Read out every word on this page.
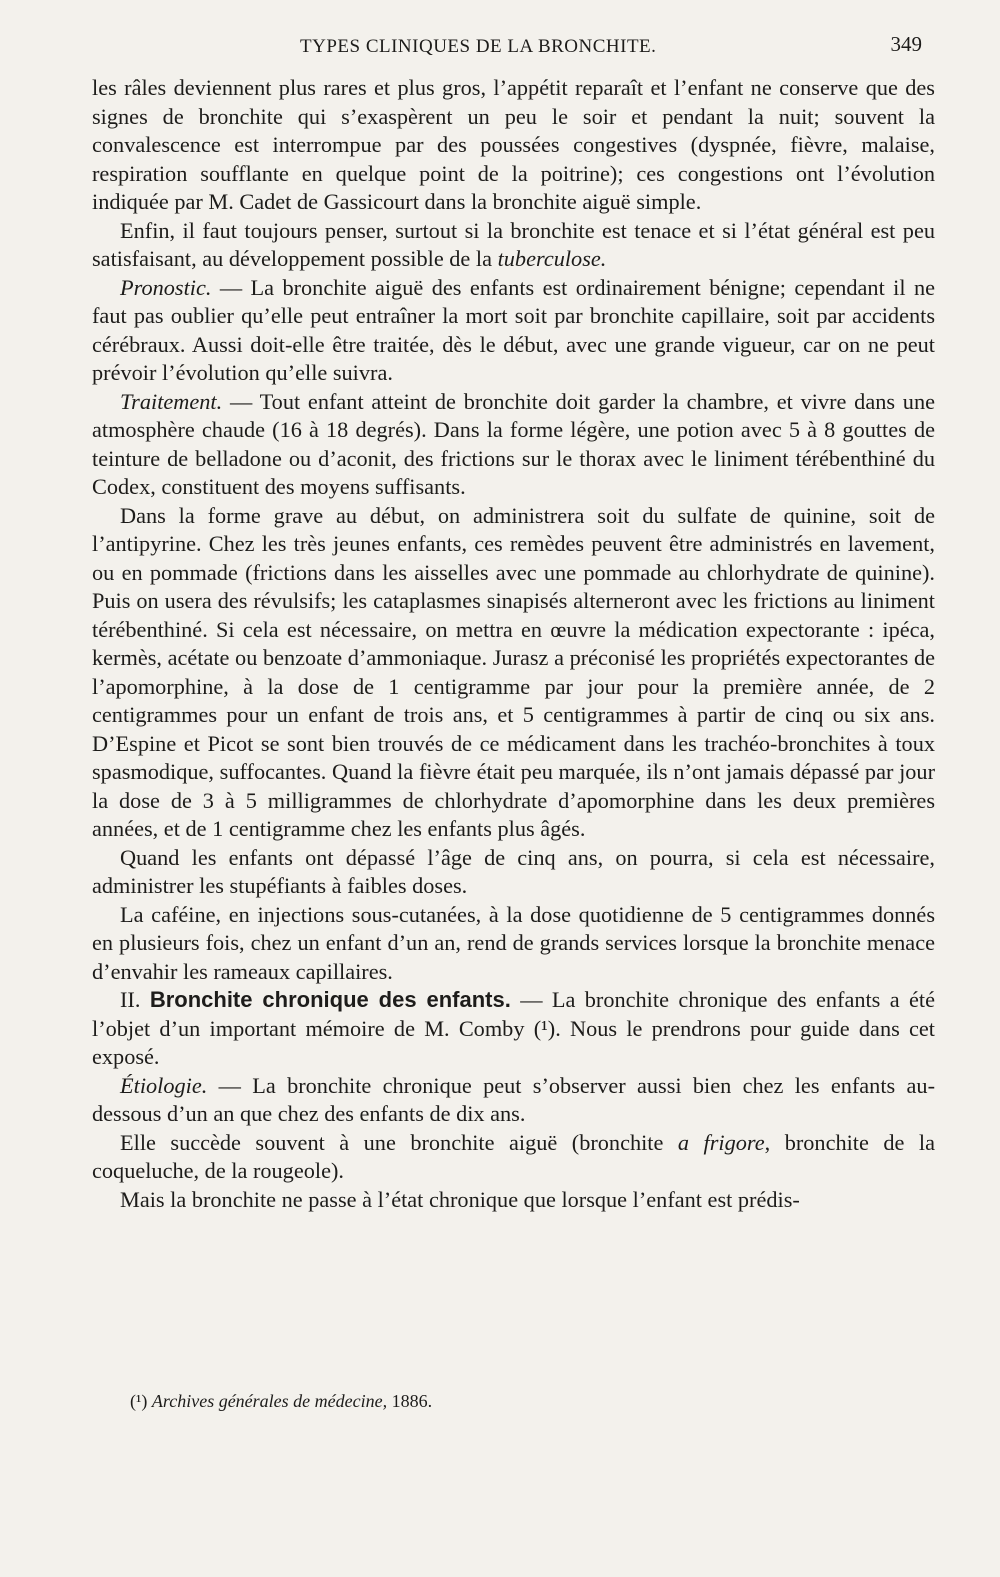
TYPES CLINIQUES DE LA BRONCHITE.	349

les râles deviennent plus rares et plus gros, l’appétit reparaît et l’enfant ne conserve que des signes de bronchite qui s’exaspèrent un peu le soir et pendant la nuit; souvent la convalescence est interrompue par des poussées congestives (dyspnée, fièvre, malaise, respiration soufflante en quelque point de la poitrine); ces congestions ont l’évolution indiquée par M. Cadet de Gassicourt dans la bronchite aiguë simple.

Enfin, il faut toujours penser, surtout si la bronchite est tenace et si l’état général est peu satisfaisant, au développement possible de la tuberculose.

Pronostic. — La bronchite aiguë des enfants est ordinairement bénigne; cependant il ne faut pas oublier qu’elle peut entraîner la mort soit par bronchite capillaire, soit par accidents cérébraux. Aussi doit-elle être traitée, dès le début, avec une grande vigueur, car on ne peut prévoir l’évolution qu’elle suivra.

Traitement. — Tout enfant atteint de bronchite doit garder la chambre, et vivre dans une atmosphère chaude (16 à 18 degrés). Dans la forme légère, une potion avec 5 à 8 gouttes de teinture de belladone ou d’aconit, des frictions sur le thorax avec le liniment térébenthiné du Codex, constituent des moyens suffisants.

Dans la forme grave au début, on administrera soit du sulfate de quinine, soit de l’antipyrine. Chez les très jeunes enfants, ces remèdes peuvent être administrés en lavement, ou en pommade (frictions dans les aisselles avec une pommade au chlorhydrate de quinine). Puis on usera des révulsifs; les cataplasmes sinapisés alterneront avec les frictions au liniment térébenthiné. Si cela est nécessaire, on mettra en œuvre la médication expectorante : ipéca, kermès, acétate ou benzoate d’ammoniaque. Jurasz a préconisé les propriétés expectorantes de l’apomorphine, à la dose de 1 centigramme par jour pour la première année, de 2 centigrammes pour un enfant de trois ans, et 5 centigrammes à partir de cinq ou six ans. D’Espine et Picot se sont bien trouvés de ce médicament dans les trachéo-bronchites à toux spasmodique, suffocantes. Quand la fièvre était peu marquée, ils n’ont jamais dépassé par jour la dose de 3 à 5 milligrammes de chlorhydrate d’apomorphine dans les deux premières années, et de 1 centigramme chez les enfants plus âgés.

Quand les enfants ont dépassé l’âge de cinq ans, on pourra, si cela est nécessaire, administrer les stupéfiants à faibles doses.

La caféine, en injections sous-cutanées, à la dose quotidienne de 5 centigrammes donnés en plusieurs fois, chez un enfant d’un an, rend de grands services lorsque la bronchite menace d’envahir les rameaux capillaires.

II. Bronchite chronique des enfants. — La bronchite chronique des enfants a été l’objet d’un important mémoire de M. Comby (¹). Nous le prendrons pour guide dans cet exposé.

Étiologie. — La bronchite chronique peut s’observer aussi bien chez les enfants au-dessous d’un an que chez des enfants de dix ans.

Elle succède souvent à une bronchite aiguë (bronchite a frigore, bronchite de la coqueluche, de la rougeole).

Mais la bronchite ne passe à l’état chronique que lorsque l’enfant est prédis-

(¹) Archives générales de médecine, 1886.
